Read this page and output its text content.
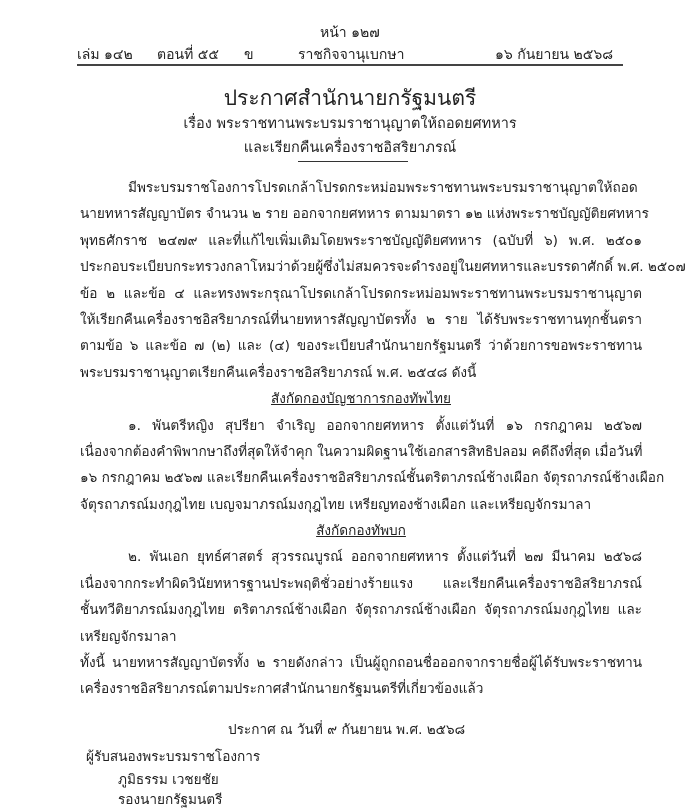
หน้า ๑๒๗
เล่ม ๑๔๒ ตอนที่ ๕๕ ข	ราชกิจจานุเบกษา	๑๖ กันยายน ๒๕๖๘
ประกาศสำนักนายกรัฐมนตรี
เรื่อง พระราชทานพระบรมราชานุญาตให้ถอดยศทหาร
และเรียกคืนเครื่องราชอิสริยาภรณ์
มีพระบรมราชโองการโปรดเกล้าโปรดกระหม่อมพระราชทานพระบรมราชานุญาตให้ถอด
นายทหารสัญญาบัตร จำนวน ๒ ราย ออกจากยศทหาร ตามมาตรา ๑๒ แห่งพระราชบัญญัติยศทหาร
พุทธศักราช ๒๔๗๙ และที่แก้ไขเพิ่มเติมโดยพระราชบัญญัติยศทหาร (ฉบับที่ ๖) พ.ศ. ๒๕๐๑
ประกอบระเบียบกระทรวงกลาโหมว่าด้วยผู้ซึ่งไม่สมควรจะดำรงอยู่ในยศทหารและบรรดาศักดิ์ พ.ศ. ๒๕๐๗
ข้อ ๒ และข้อ ๔ และทรงพระกรุณาโปรดเกล้าโปรดกระหม่อมพระราชทานพระบรมราชานุญาต
ให้เรียกคืนเครื่องราชอิสริยาภรณ์ที่นายทหารสัญญาบัตรทั้ง ๒ ราย ได้รับพระราชทานทุกชั้นตรา
ตามข้อ ๖ และข้อ ๗ (๒) และ (๔) ของระเบียบสำนักนายกรัฐมนตรี ว่าด้วยการขอพระราชทาน
พระบรมราชานุญาตเรียกคืนเครื่องราชอิสริยาภรณ์ พ.ศ. ๒๕๔๘ ดังนี้
สังกัดกองบัญชาการกองทัพไทย
๑. พันตรีหญิง สุปรียา จำเริญ ออกจากยศทหาร ตั้งแต่วันที่ ๑๖ กรกฎาคม ๒๕๖๗
เนื่องจากต้องคำพิพากษาถึงที่สุดให้จำคุก ในความผิดฐานใช้เอกสารสิทธิปลอม คดีถึงที่สุด เมื่อวันที่
๑๖ กรกฎาคม ๒๕๖๗ และเรียกคืนเครื่องราชอิสริยาภรณ์ชั้นตริตาภรณ์ช้างเผือก จัตุรถาภรณ์ช้างเผือก
จัตุรถาภรณ์มงกุฎไทย เบญจมาภรณ์มงกุฎไทย เหรียญทองช้างเผือก และเหรียญจักรมาลา
สังกัดกองทัพบก
๒. พันเอก ยุทธ์ศาสตร์ สุวรรณบูรณ์ ออกจากยศทหาร ตั้งแต่วันที่ ๒๗ มีนาคม ๒๕๖๘
เนื่องจากกระทำผิดวินัยทหารฐานประพฤติชั่วอย่างร้ายแรง และเรียกคืนเครื่องราชอิสริยาภรณ์
ชั้นทวีติยาภรณ์มงกุฎไทย ตริตาภรณ์ช้างเผือก จัตุรถาภรณ์ช้างเผือก จัตุรถาภรณ์มงกุฎไทย และ
เหรียญจักรมาลา
ทั้งนี้ นายทหารสัญญาบัตรทั้ง ๒ รายดังกล่าว เป็นผู้ถูกถอนชื่อออกจากรายชื่อผู้ได้รับพระราชทาน
เครื่องราชอิสริยาภรณ์ตามประกาศสำนักนายกรัฐมนตรีที่เกี่ยวข้องแล้ว
ประกาศ ณ วันที่ ๙ กันยายน พ.ศ. ๒๕๖๘
ผู้รับสนองพระบรมราชโองการ
ภูมิธรรม เวชยชัย
รองนายกรัฐมนตรี
